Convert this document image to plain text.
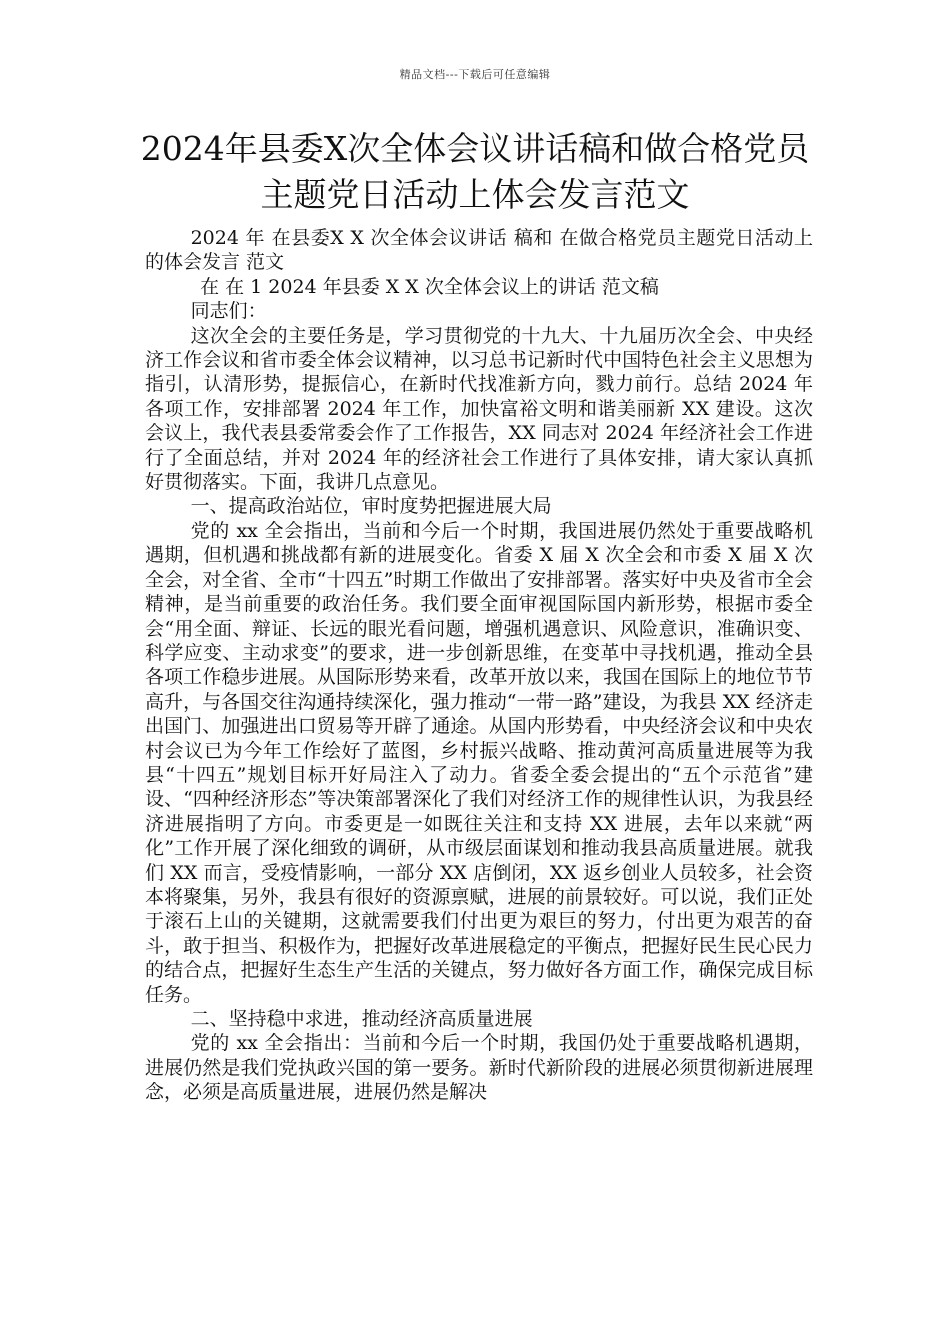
精品文档---下载后可任意编辑
2024年县委X次全体会议讲话稿和做合格党员主题党日活动上体会发言范文

2024 年 在县委X X 次全体会议讲话 稿和 在做合格党员主题党日活动上的体会发言 范文

在 在 1 2024 年县委 X X 次全体会议上的讲话 范文稿

同志们：

这次全会的主要任务是，学习贯彻党的十九大、十九届历次全会、中央经济工作会议和省市委全体会议精神，以习总书记新时代中国特色社会主义思想为指引，认清形势，提振信心，在新时代找准新方向，戮力前行。总结 2024 年各项工作，安排部署 2024 年工作，加快富裕文明和谐美丽新 XX 建设。这次会议上，我代表县委常委会作了工作报告，XX 同志对 2024 年经济社会工作进行了全面总结，并对 2024 年的经济社会工作进行了具体安排，请大家认真抓好贯彻落实。下面，我讲几点意见。

一、提高政治站位，审时度势把握进展大局

党的 xx 全会指出，当前和今后一个时期，我国进展仍然处于重要战略机遇期，但机遇和挑战都有新的进展变化。省委 X 届 X 次全会和市委 X 届 X 次全会，对全省、全市“十四五”时期工作做出了安排部署。落实好中央及省市全会精神，是当前重要的政治任务。我们要全面审视国际国内新形势，根据市委全会“用全面、辩证、长远的眼光看问题，增强机遇意识、风险意识，准确识变、科学应变、主动求变”的要求，进一步创新思维，在变革中寻找机遇，推动全县各项工作稳步进展。从国际形势来看，改革开放以来，我国在国际上的地位节节高升，与各国交往沟通持续深化，强力推动“一带一路”建设，为我县 XX 经济走出国门、加强进出口贸易等开辟了通途。从国内形势看，中央经济会议和中央农村会议已为今年工作绘好了蓝图，乡村振兴战略、推动黄河高质量进展等为我县“十四五”规划目标开好局注入了动力。省委全委会提出的“五个示范省”建设、“四种经济形态”等决策部署深化了我们对经济工作的规律性认识，为我县经济进展指明了方向。市委更是一如既往关注和支持 XX 进展，去年以来就“两化”工作开展了深化细致的调研，从市级层面谋划和推动我县高质量进展。就我们 XX 而言，受疫情影响，一部分 XX 店倒闭，XX 返乡创业人员较多，社会资本将聚集，另外，我县有很好的资源禀赋，进展的前景较好。可以说，我们正处于滚石上山的关键期，这就需要我们付出更为艰巨的努力，付出更为艰苦的奋斗，敢于担当、积极作为，把握好改革进展稳定的平衡点，把握好民生民心民力的结合点，把握好生态生产生活的关键点，努力做好各方面工作，确保完成目标任务。

二、坚持稳中求进，推动经济高质量进展

党的 xx 全会指出：当前和今后一个时期，我国仍处于重要战略机遇期，进展仍然是我们党执政兴国的第一要务。新时代新阶段的进展必须贯彻新进展理念，必须是高质量进展，进展仍然是解决
